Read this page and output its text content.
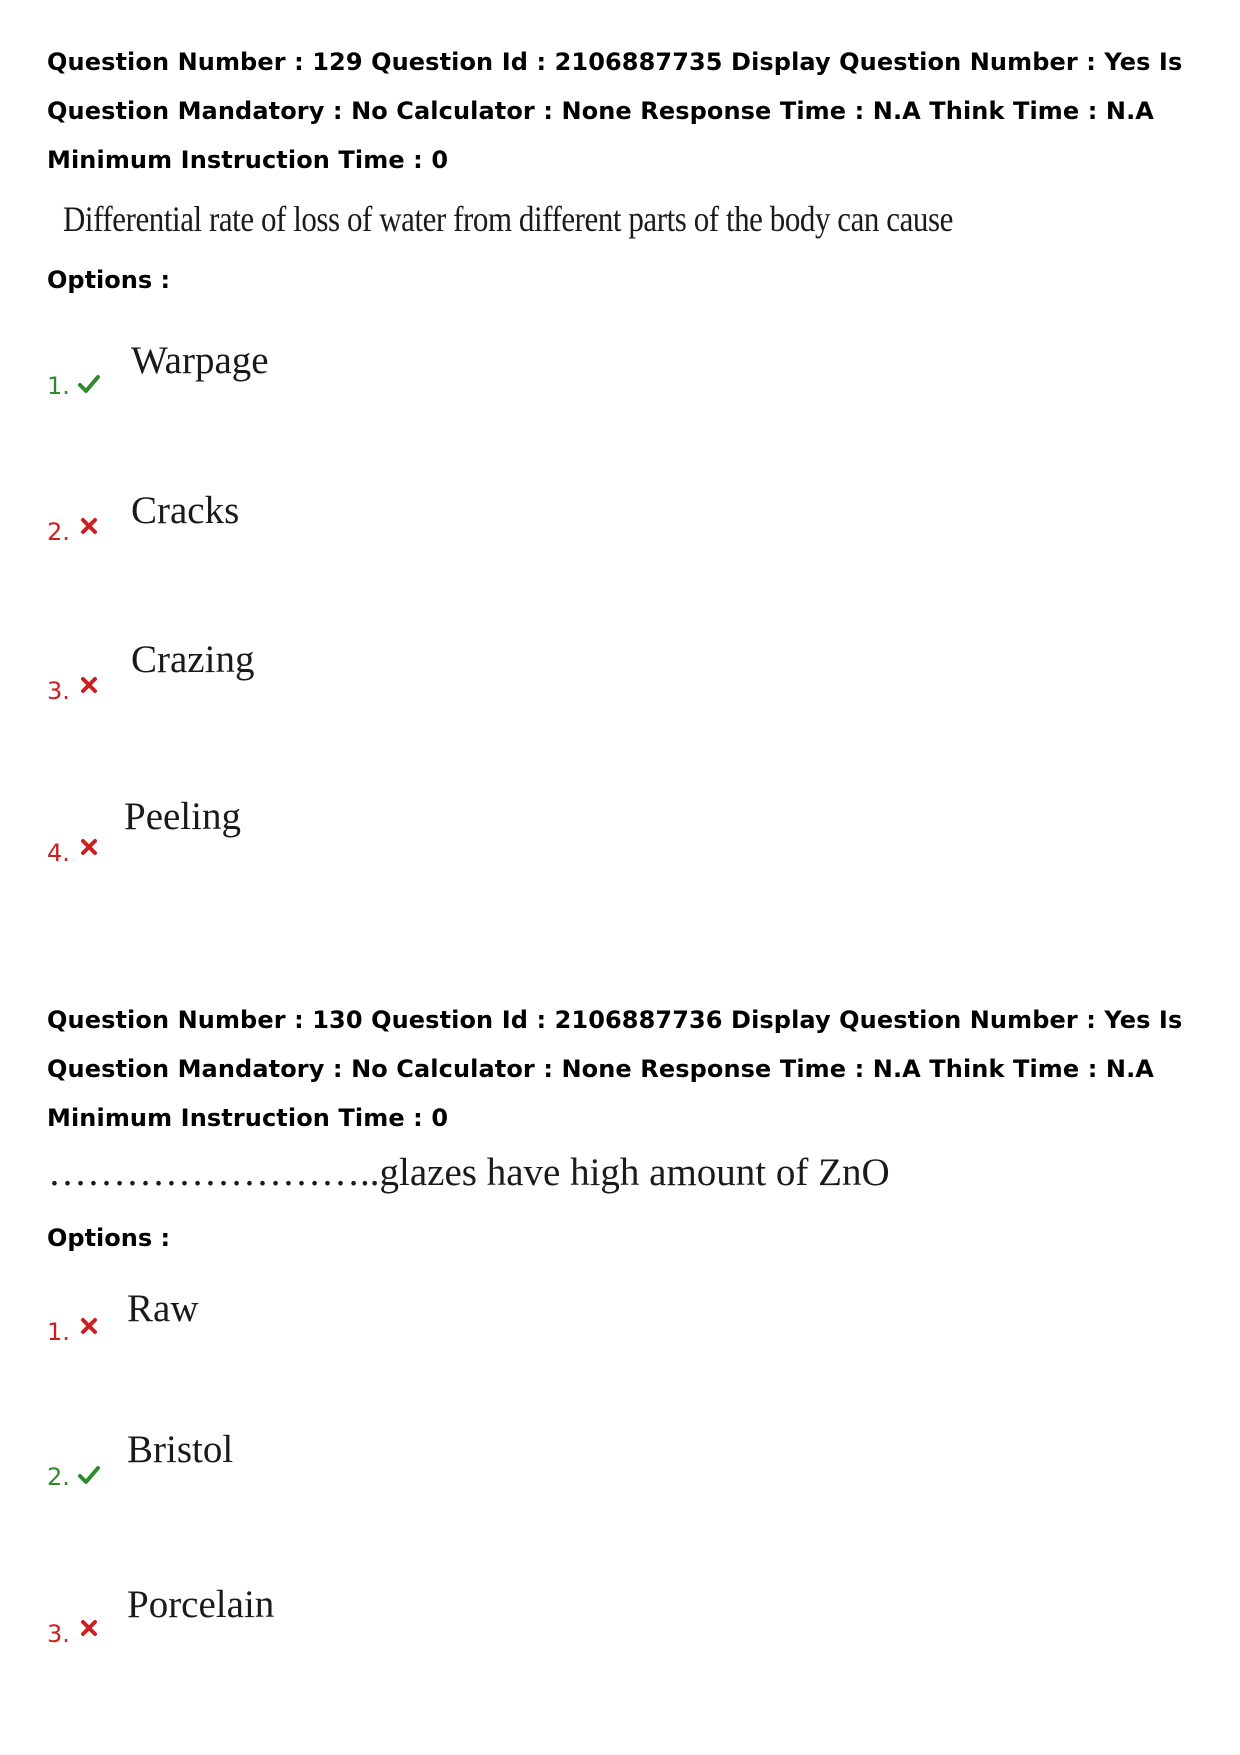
Question Number : 129 Question Id : 2106887735 Display Question Number : Yes Is Question Mandatory : No Calculator : None Response Time : N.A Think Time : N.A Minimum Instruction Time : 0

Differential rate of loss of water from different parts of the body can cause

Options :

1.
Warpage
2. Cracks
3.
Crazing
4.
Peeling

Question Number : 130 Question Id : 2106887736 Display Question Number : Yes Is Question Mandatory : No Calculator : None Response Time : N.A Think Time : N.A Minimum Instruction Time : 0

……………………..glazes have high amount of ZnO

Options :

1.
Raw
2.
Bristol
3.
Porcelain
